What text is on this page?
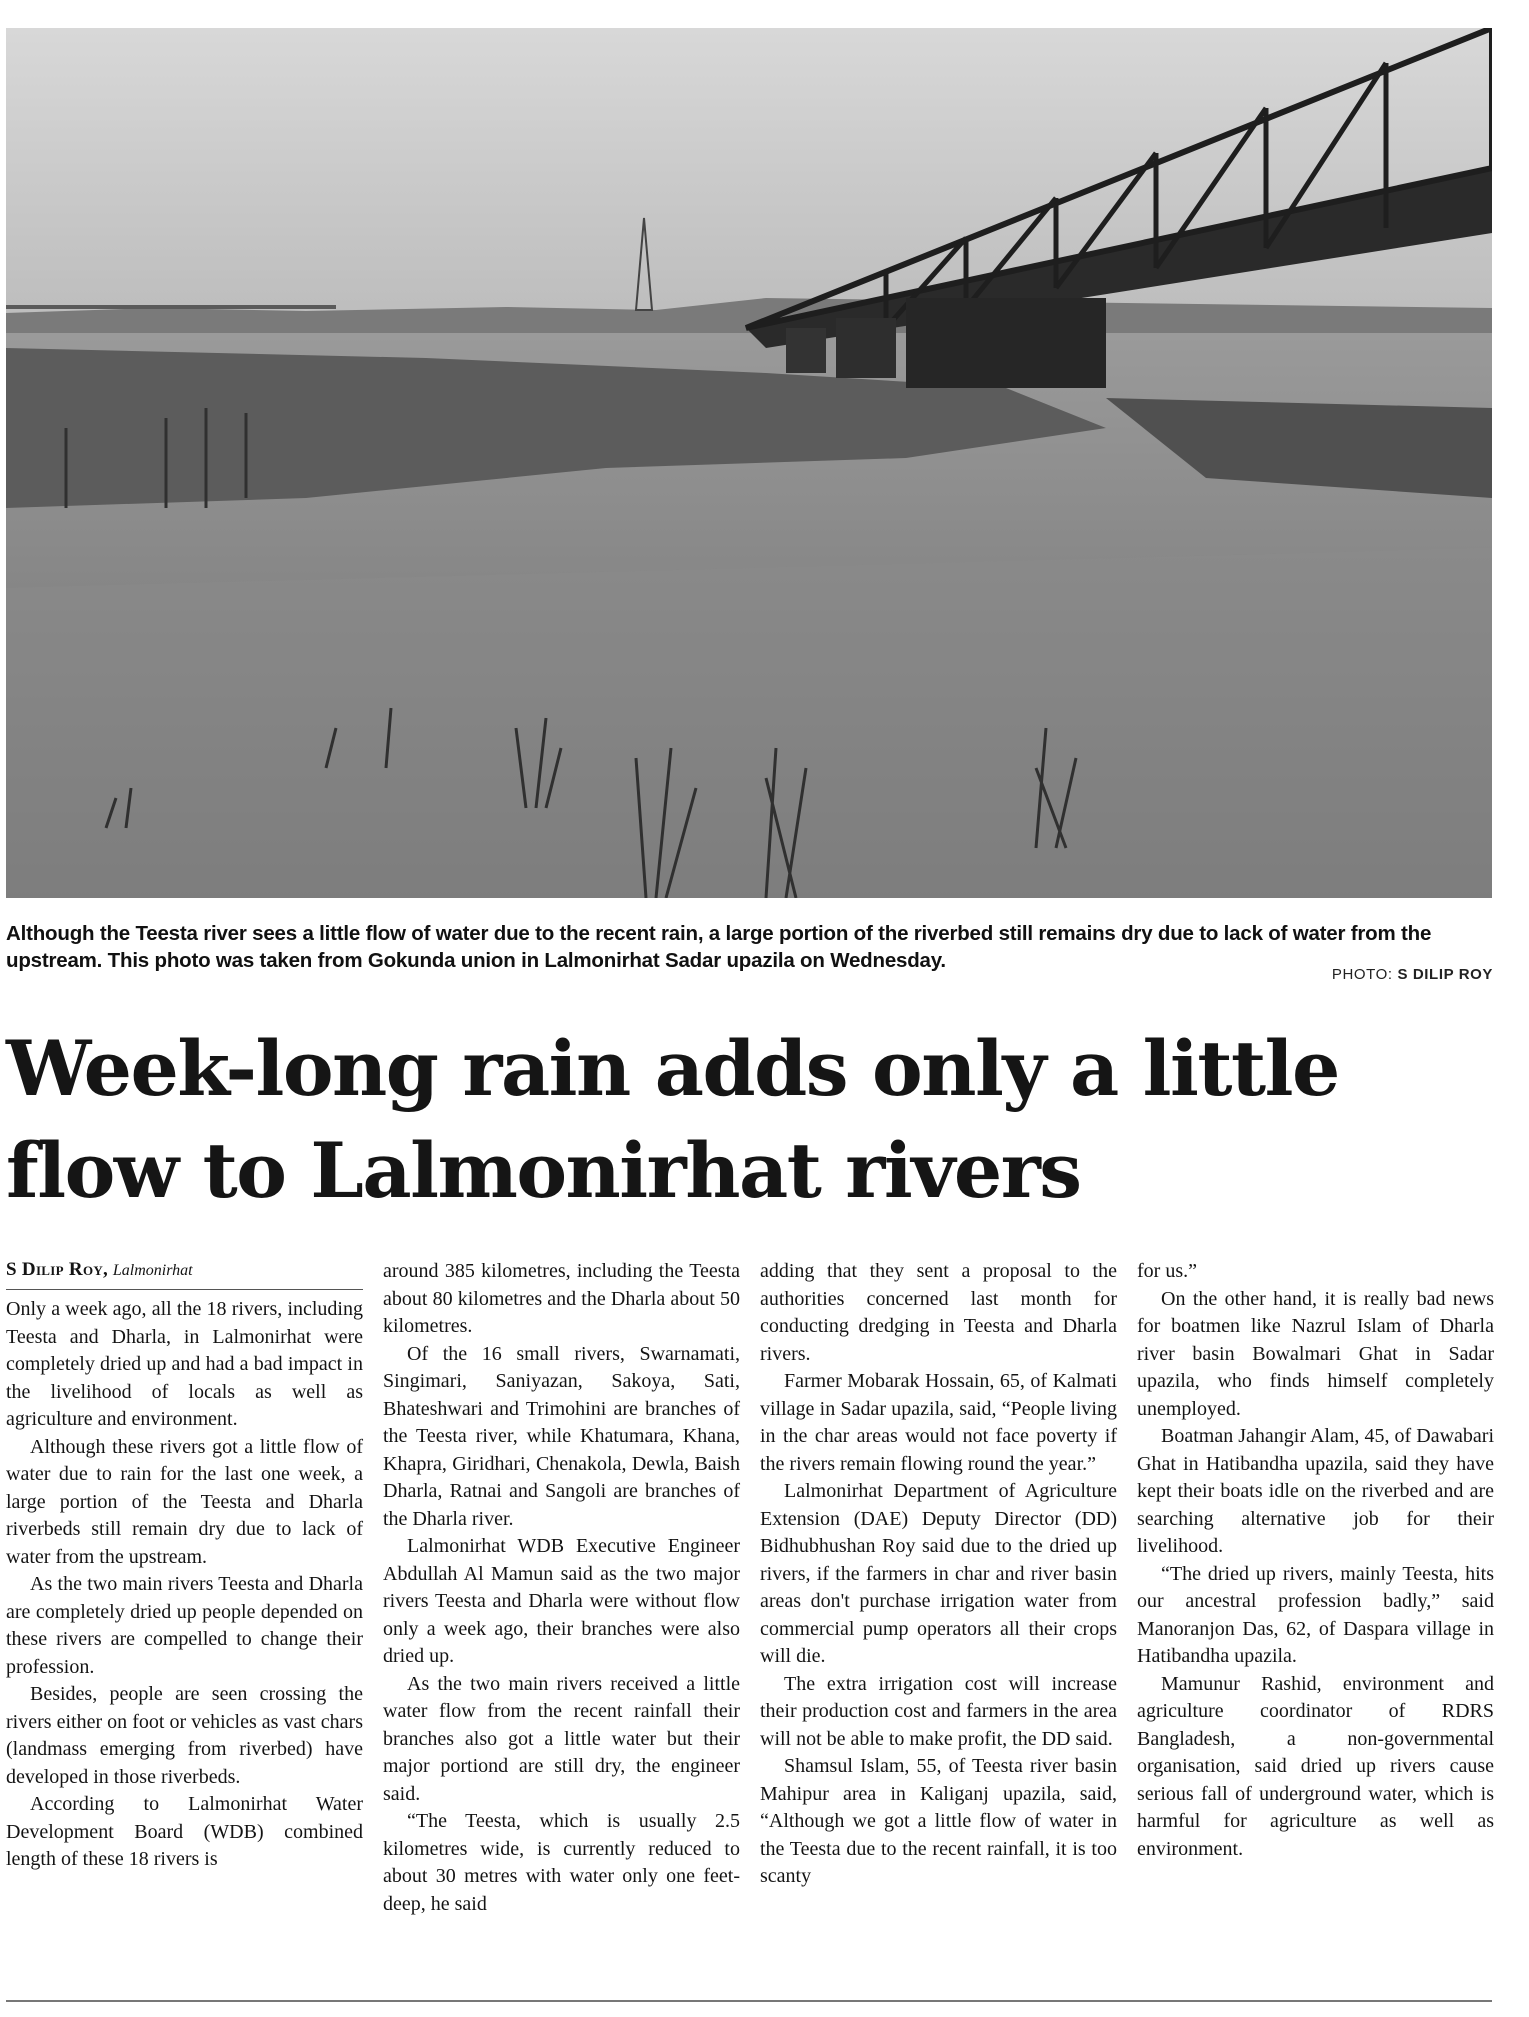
Although the Teesta river sees a little flow of water due to the recent rain, a large portion of the riverbed still remains dry due to lack of water from the upstream. This photo was taken from Gokunda union in Lalmonirhat Sadar upazila on Wednesday.
PHOTO: S DILIP ROY
Week-long rain adds only a little flow to Lalmonirhat rivers
S Dilip Roy, Lalmonirhat

Only a week ago, all the 18 rivers, including Teesta and Dharla, in Lalmonirhat were completely dried up and had a bad impact in the livelihood of locals as well as agriculture and environment.

Although these rivers got a little flow of water due to rain for the last one week, a large portion of the Teesta and Dharla riverbeds still remain dry due to lack of water from the upstream.

As the two main rivers Teesta and Dharla are completely dried up people depended on these rivers are compelled to change their profession.

Besides, people are seen crossing the rivers either on foot or vehicles as vast chars (landmass emerging from riverbed) have developed in those riverbeds.

According to Lalmonirhat Water Development Board (WDB) combined length of these 18 rivers is

around 385 kilometres, including the Teesta about 80 kilometres and the Dharla about 50 kilometres.

Of the 16 small rivers, Swarnamati, Singimari, Saniyazan, Sakoya, Sati, Bhateshwari and Trimohini are branches of the Teesta river, while Khatumara, Khana, Khapra, Giridhari, Chenakola, Dewla, Baish Dharla, Ratnai and Sangoli are branches of the Dharla river.

Lalmonirhat WDB Executive Engineer Abdullah Al Mamun said as the two major rivers Teesta and Dharla were without flow only a week ago, their branches were also dried up.

As the two main rivers received a little water flow from the recent rainfall their branches also got a little water but their major portiond are still dry, the engineer said.

“The Teesta, which is usually 2.5 kilometres wide, is currently reduced to about 30 metres with water only one feet-deep, he said

adding that they sent a proposal to the authorities concerned last month for conducting dredging in Teesta and Dharla rivers.

Farmer Mobarak Hossain, 65, of Kalmati village in Sadar upazila, said, “People living in the char areas would not face poverty if the rivers remain flowing round the year.”

Lalmonirhat Department of Agriculture Extension (DAE) Deputy Director (DD) Bidhubhushan Roy said due to the dried up rivers, if the farmers in char and river basin areas don't purchase irrigation water from commercial pump operators all their crops will die.

The extra irrigation cost will increase their production cost and farmers in the area will not be able to make profit, the DD said.

Shamsul Islam, 55, of Teesta river basin Mahipur area in Kaliganj upazila, said, “Although we got a little flow of water in the Teesta due to the recent rainfall, it is too scanty

for us.”

On the other hand, it is really bad news for boatmen like Nazrul Islam of Dharla river basin Bowalmari Ghat in Sadar upazila, who finds himself completely unemployed.

Boatman Jahangir Alam, 45, of Dawabari Ghat in Hatibandha upazila, said they have kept their boats idle on the riverbed and are searching alternative job for their livelihood.

“The dried up rivers, mainly Teesta, hits our ancestral profession badly,” said Manoranjon Das, 62, of Daspara village in Hatibandha upazila.

Mamunur Rashid, environment and agriculture coordinator of RDRS Bangladesh, a non-governmental organisation, said dried up rivers cause serious fall of underground water, which is harmful for agriculture as well as environment.
